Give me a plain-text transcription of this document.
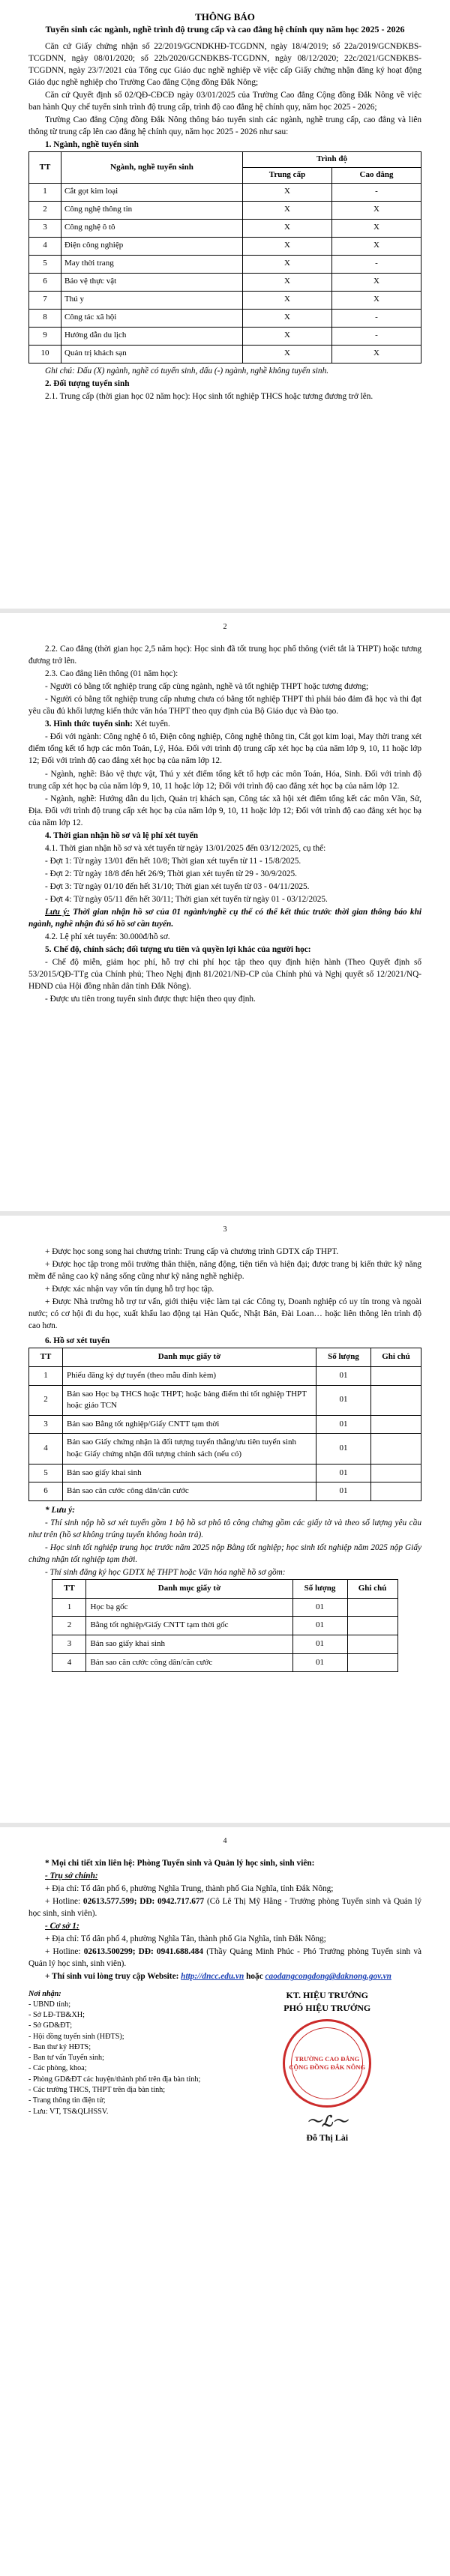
THÔNG BÁO
Tuyển sinh các ngành, nghề trình độ trung cấp và cao đẳng hệ chính quy năm học 2025 - 2026

Căn cứ Giấy chứng nhận số 22/2019/GCNDKHĐ-TCGDNN, ngày 18/4/2019; số 22a/2019/GCNĐKBS-TCGDNN, ngày 08/01/2020; số 22b/2020/GCNĐKBS-TCGDNN, ngày 08/12/2020; 22c/2021/GCNĐKBS-TCGDNN, ngày 23/7/2021 của Tổng cục Giáo dục nghề nghiệp về việc cấp Giấy chứng nhận đăng ký hoạt động Giáo dục nghề nghiệp cho Trường Cao đẳng Cộng đồng Đắk Nông;

Căn cứ Quyết định số 02/QĐ-CĐCĐ ngày 03/01/2025 của Trường Cao đẳng Cộng đồng Đắk Nông về việc ban hành Quy chế tuyển sinh trình độ trung cấp, trình độ cao đẳng hệ chính quy, năm học 2025 - 2026;

Trường Cao đẳng Cộng đồng Đắk Nông thông báo tuyển sinh các ngành, nghề trung cấp, cao đẳng và liên thông từ trung cấp lên cao đẳng hệ chính quy, năm học 2025 - 2026 như sau:

1. Ngành, nghề tuyển sinh

TT	Ngành, nghề tuyển sinh	Trình độ	
		Trung cấp	Cao đẳng
1	Cắt gọt kim loại	X	-
2	Công nghệ thông tin	X	X
3	Công nghệ ô tô	X	X
4	Điện công nghiệp	X	X
5	May thời trang	X	-
6	Bảo vệ thực vật	X	X
7	Thú y	X	X
8	Công tác xã hội	X	-
9	Hướng dẫn du lịch	X	-
10	Quản trị khách sạn	X	X

Ghi chú: Dấu (X) ngành, nghề có tuyển sinh, dấu (-) ngành, nghề không tuyển sinh.

2. Đối tượng tuyển sinh

2.1. Trung cấp (thời gian học 02 năm học): Học sinh tốt nghiệp THCS hoặc tương đương trở lên.

2

2.2. Cao đẳng (thời gian học 2,5 năm học): Học sinh đã tốt trung học phổ thông (viết tắt là THPT) hoặc tương đương trở lên.

2.3. Cao đẳng liên thông (01 năm học):

- Người có bằng tốt nghiệp trung cấp cùng ngành, nghề và tốt nghiệp THPT hoặc tương đương;

- Người có bằng tốt nghiệp trung cấp nhưng chưa có bằng tốt nghiệp THPT thì phải bảo đảm đã học và thi đạt yêu cầu đủ khối lượng kiến thức văn hóa THPT theo quy định của Bộ Giáo dục và Đào tạo.

3. Hình thức tuyển sinh: Xét tuyển.

- Đối với ngành: Công nghệ ô tô, Điện công nghiệp, Công nghệ thông tin, Cắt gọt kim loại, May thời trang xét điểm tổng kết tổ hợp các môn Toán, Lý, Hóa. Đối với trình độ trung cấp xét học bạ của năm lớp 9, 10, 11 hoặc lớp 12; Đối với trình độ cao đẳng xét học bạ của năm lớp 12.

- Ngành, nghề: Bảo vệ thực vật, Thú y xét điểm tổng kết tổ hợp các môn Toán, Hóa, Sinh. Đối với trình độ trung cấp xét học bạ của năm lớp 9, 10, 11 hoặc lớp 12; Đối với trình độ cao đẳng xét học bạ của năm lớp 12.

- Ngành, nghề: Hướng dẫn du lịch, Quản trị khách sạn, Công tác xã hội xét điểm tổng kết các môn Văn, Sử, Địa. Đối với trình độ trung cấp xét học bạ của năm lớp 9, 10, 11 hoặc lớp 12; Đối với trình độ cao đẳng xét học bạ của năm lớp 12.

4. Thời gian nhận hồ sơ và lệ phí xét tuyển

4.1. Thời gian nhận hồ sơ và xét tuyển từ ngày 13/01/2025 đến 03/12/2025, cụ thể:

- Đợt 1: Từ ngày 13/01 đến hết 10/8; Thời gian xét tuyển từ 11 - 15/8/2025.

- Đợt 2: Từ ngày 18/8 đến hết 26/9; Thời gian xét tuyển từ 29 - 30/9/2025.

- Đợt 3: Từ ngày 01/10 đến hết 31/10; Thời gian xét tuyển từ 03 - 04/11/2025.

- Đợt 4: Từ ngày 05/11 đến hết 30/11; Thời gian xét tuyển từ ngày 01 - 03/12/2025.

Lưu ý: Thời gian nhận hồ sơ của 01 ngành/nghề cụ thể có thể kết thúc trước thời gian thông báo khi ngành, nghề nhận đủ số hồ sơ cần tuyển.

4.2. Lệ phí xét tuyển: 30.000đ/hồ sơ.

5. Chế độ, chính sách; đối tượng ưu tiên và quyền lợi khác của người học:

- Chế độ miễn, giảm học phí, hỗ trợ chi phí học tập theo quy định hiện hành (Theo Quyết định số 53/2015/QĐ-TTg của Chính phủ; Theo Nghị định 81/2021/NĐ-CP của Chính phủ và Nghị quyết số 12/2021/NQ-HĐND của Hội đồng nhân dân tỉnh Đắk Nông).

- Được ưu tiên trong tuyển sinh được thực hiện theo quy định.

3

+ Được học song song hai chương trình: Trung cấp và chương trình GDTX cấp THPT.

+ Được học tập trong môi trường thân thiện, năng động, tiện tiến và hiện đại; được trang bị kiến thức kỹ năng mềm để nâng cao kỹ năng sống cũng như kỹ năng nghề nghiệp.

+ Được xác nhận vay vốn tín dụng hỗ trợ học tập.

+ Được Nhà trường hỗ trợ tư vấn, giới thiệu việc làm tại các Công ty, Doanh nghiệp có uy tín trong và ngoài nước; có cơ hội đi du học, xuất khẩu lao động tại Hàn Quốc, Nhật Bản, Đài Loan… hoặc liên thông lên trình độ cao hơn.

6. Hồ sơ xét tuyển

TT	Danh mục giấy tờ	Số lượng	Ghi chú
1	Phiếu đăng ký dự tuyển (theo mẫu đính kèm)	01	
2	Bản sao Học bạ THCS hoặc THPT; hoặc bảng điểm thi tốt nghiệp THPT hoặc giáo TCN	01	
3	Bản sao Bằng tốt nghiệp/Giấy CNTT tạm thời	01	
4	Bản sao Giấy chứng nhận là đối tượng tuyển thẳng/ưu tiên tuyển sinh hoặc Giấy chứng nhận đối tượng chính sách (nếu có)	01	
5	Bản sao giấy khai sinh	01	
6	Bản sao căn cước công dân/căn cước	01	

* Lưu ý:

- Thí sinh nộp hồ sơ xét tuyển gồm 1 bộ hồ sơ phô tô công chứng gồm các giấy tờ và theo số lượng yêu cầu như trên (hồ sơ không trúng tuyển không hoàn trả).

- Học sinh tốt nghiệp trung học trước năm 2025 nộp Bằng tốt nghiệp; học sinh tốt nghiệp năm 2025 nộp Giấy chứng nhận tốt nghiệp tạm thời.

- Thí sinh đăng ký học GDTX hệ THPT hoặc Văn hóa nghề hồ sơ gồm:

TT	Danh mục giấy tờ	Số lượng	Ghi chú
1	Học bạ gốc	01	
2	Bằng tốt nghiệp/Giấy CNTT tạm thời gốc	01	
3	Bản sao giấy khai sinh	01	
4	Bản sao căn cước công dân/căn cước	01	
4

* Mọi chi tiết xin liên hệ: Phòng Tuyển sinh và Quản lý học sinh, sinh viên:

- Trụ sở chính:

+ Địa chỉ: Tổ dân phố 6, phường Nghĩa Trung, thành phố Gia Nghĩa, tỉnh Đắk Nông;

+ Hotline: 02613.577.599; DĐ: 0942.717.677 (Cô Lê Thị Mỹ Hằng - Trưởng phòng Tuyển sinh và Quản lý học sinh, sinh viên).

- Cơ sở 1:

+ Địa chỉ: Tổ dân phố 4, phường Nghĩa Tân, thành phố Gia Nghĩa, tỉnh Đắk Nông;

+ Hotline: 02613.500299; DĐ: 0941.688.484 (Thầy Quảng Minh Phúc - Phó Trưởng phòng Tuyển sinh và Quản lý học sinh, sinh viên).

+ Thí sinh vui lòng truy cập Website: http://dncc.edu.vn hoặc caodangcongdong@daknong.gov.vn

Nơi nhận:
- UBND tỉnh;
- Sở LĐ-TB&XH;
- Sở GD&ĐT;
- Hội đồng tuyển sinh (HĐTS);
- Ban thư ký HĐTS;
- Ban tư vấn Tuyển sinh;
- Các phòng, khoa;
- Phòng GD&ĐT các huyện/thành phố trên địa bàn tỉnh;
- Các trường THCS, THPT trên địa bàn tỉnh;
- Trang thông tin điện tử;
- Lưu: VT, TS&QLHSSV.
KT. HIỆU TRƯỞNG
PHÓ HIỆU TRƯỞNG
TRƯỜNG CAO ĐẲNG CỘNG ĐỒNG ĐẮK NÔNG
〜ℒ〜
Đỗ Thị Lài
